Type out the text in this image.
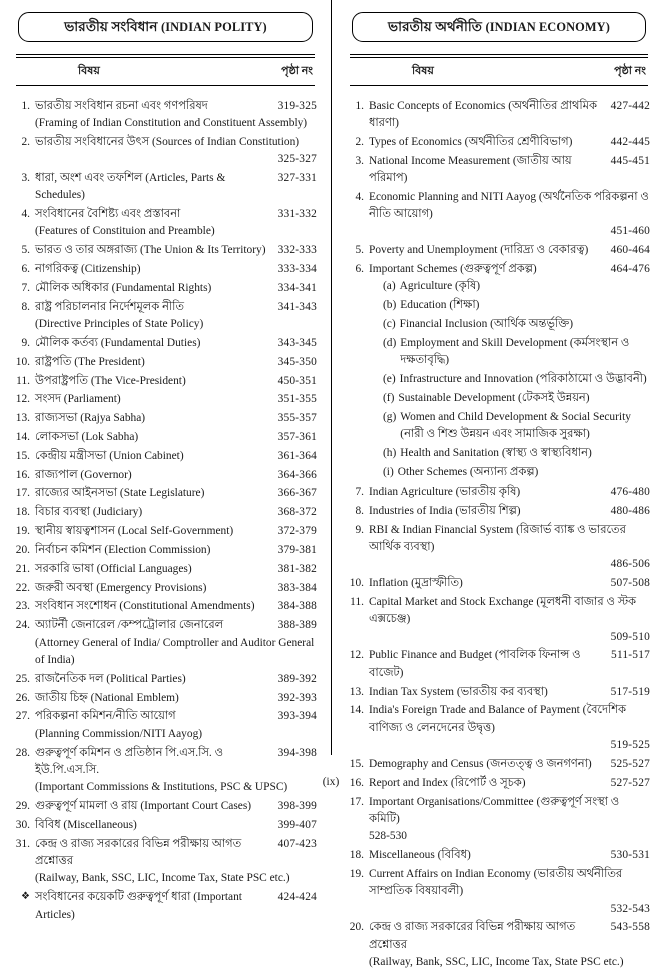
ভারতীয় সংবিধান (INDIAN POLITY)
বিষয়	পৃষ্ঠা নং
1. ভারতীয় সংবিধান রচনা এবং গণপরিষদ	319-325
(Framing of Indian Constitution and Constituent Assembly)
2. ভারতীয় সংবিধানের উৎস (Sources of Indian Constitution)
325-327
3. ধারা, অংশ এবং তফশিল (Articles, Parts & Schedules)
327-331
4. সংবিধানের বৈশিষ্ট্য এবং প্রস্তাবনা	331-332
(Features of Constituion and Preamble)
5. ভারত ও তার অঙ্গরাজ্য (The Union & Its Territory)	332-333
6. নাগরিকত্ব (Citizenship)	333-334
7. মৌলিক অধিকার (Fundamental Rights)	334-341
8. রাষ্ট্র পরিচালনার নির্দেশমূলক নীতি	341-343
(Directive Principles of State Policy)
9. মৌলিক কর্তব্য (Fundamental Duties)	343-345
10. রাষ্ট্রপতি (The President)	345-350
11. উপরাষ্ট্রপতি (The Vice-President)	450-351
12. সংসদ (Parliament)	351-355
13. রাজ্যসভা (Rajya Sabha)	355-357
14. লোকসভা (Lok Sabha)	357-361
15. কেন্দ্রীয় মন্ত্রীসভা (Union Cabinet)	361-364
16. রাজ্যপাল (Governor)	364-366
17. রাজ্যের আইনসভা (State Legislature)	366-367
18. বিচার ব্যবস্থা (Judiciary)	368-372
19. স্থানীয় স্বায়ত্বশাসন (Local Self-Government)	372-379
20. নির্বাচন কমিশন (Election Commission)	379-381
21. সরকারি ভাষা (Official Languages)	381-382
22. জরুরী অবস্থা (Emergency Provisions)	383-384
23. সংবিধান সংশোধন (Constitutional Amendments)	384-388
24. অ্যাটর্নী জেনারেল /কম্পট্রোলার জেনারেল	388-389
(Attorney General of India/ Comptroller and Auditor General of India)
25. রাজনৈতিক দল (Political Parties)	389-392
26. জাতীয় চিহ্ন (National Emblem)	392-393
27. পরিকল্পনা কমিশন/নীতি আয়োগ	393-394
(Planning Commission/NITI Aayog)
28. গুরুত্বপূর্ণ কমিশন ও প্রতিষ্ঠান পি.এস.সি. ও ইউ.পি.এস.সি.
394-398
(Important Commissions & Institutions, PSC & UPSC)
29. গুরুত্বপূর্ণ মামলা ও রায় (Important Court Cases)	398-399
30. বিবিধ (Miscellaneous)	399-407
31. কেন্দ্র ও রাজ্য সরকারের বিভিন্ন পরীক্ষায় আগত প্রশ্নোত্তর
407-423
(Railway, Bank, SSC, LIC, Income Tax, State PSC etc.)
❖ সংবিধানের কয়েকটি গুরুত্বপূর্ণ ধারা (Important Articles)
424-424
ভারতীয় অর্থনীতি (INDIAN ECONOMY)
বিষয়	পৃষ্ঠা নং
1. Basic Concepts of Economics (অর্থনীতির প্রাথমিক ধারণা)
427-442
2. Types of Economics (অর্থনীতির শ্রেণীবিভাগ)	442-445
3. National Income Measurement (জাতীয় আয় পরিমাপ)
445-451
4. Economic Planning and NITI Aayog (অর্থনৈতিক পরিকল্পনা ও নীতি আয়োগ)
451-460
5. Poverty and Unemployment (দারিদ্র্য ও বেকারত্ব)	460-464
6. Important Schemes (গুরুত্বপূর্ণ প্রকল্প)	464-476
(a) Agriculture (কৃষি)
(b) Education (শিক্ষা)
(c) Financial Inclusion (আর্থিক অন্তর্ভূক্তি)
(d) Employment and Skill Development (কর্মসংস্থান ও দক্ষতাবৃদ্ধি)
(e) Infrastructure and Innovation (পরিকাঠামো ও উদ্ভাবনী)
(f) Sustainable Development (টেকসই উন্নয়ন)
(g) Women and Child Development & Social Security (নারী ও শিশু উন্নয়ন এবং সামাজিক সুরক্ষা)
(h) Health and Sanitation (স্বাস্থ্য ও স্বাস্থ্যবিধান)
(i) Other Schemes (অন্যান্য প্রকল্প)
7. Indian Agriculture (ভারতীয় কৃষি)	476-480
8. Industries of India (ভারতীয় শিল্প)	480-486
9. RBI & Indian Financial System (রিজার্ভ ব্যাঙ্ক ও ভারতের আর্থিক ব্যবস্থা)
486-506
10. Inflation (মুদ্রাস্ফীতি)	507-508
11. Capital Market and Stock Exchange (মূলধনী বাজার ও স্টক এক্সচেঞ্জ)
509-510
12. Public Finance and Budget (পাবলিক ফিনান্স ও বাজেট)
511-517
13. Indian Tax System (ভারতীয় কর ব্যবস্থা)	517-519
14. India's Foreign Trade and Balance of Payment (বৈদেশিক বাণিজ্য ও লেনদেনের উদ্বৃত্ত)
519-525
15. Demography and Census (জনতত্ত্ব ও জনগণনা)	525-527
16. Report and Index (রিপোর্ট ও সূচক)	527-527
17. Important Organisations/Committee (গুরুত্বপূর্ণ সংস্থা ও কমিটি)
528-530
18. Miscellaneous (বিবিধ)	530-531
19. Current Affairs on Indian Economy (ভারতীয় অর্থনীতির সাম্প্রতিক বিষয়াবলী)
532-543
20. কেন্দ্র ও রাজ্য সরকারের বিভিন্ন পরীক্ষায় আগত প্রশ্নোত্তর
543-558
(Railway, Bank, SSC, LIC, Income Tax, State PSC etc.)
(ix)
